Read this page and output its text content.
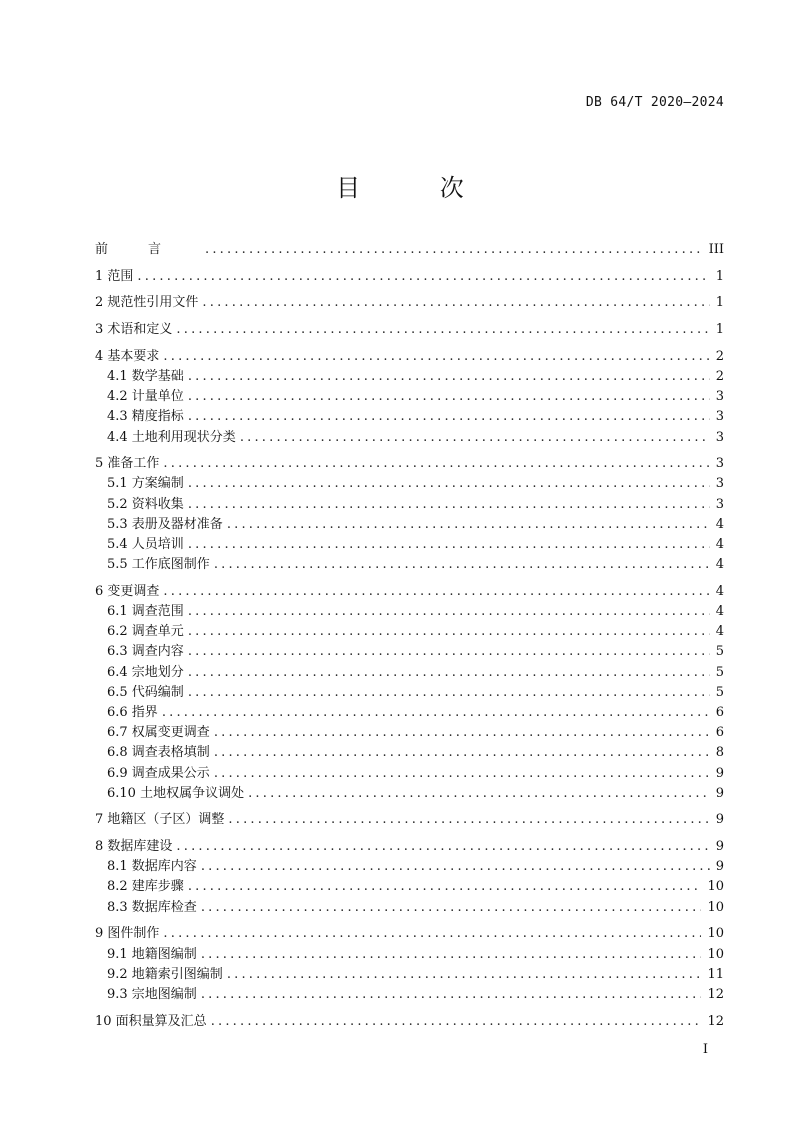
DB 64/T 2020—2024
目 次
前言 .....	III
1 范围 .....	1
2 规范性引用文件 .....	1
3 术语和定义 .....	1
4 基本要求 .....	2
4.1 数学基础 .....	2
4.2 计量单位 .....	3
4.3 精度指标 .....	3
4.4 土地利用现状分类 .....	3
5 准备工作 .....	3
5.1 方案编制 .....	3
5.2 资料收集 .....	3
5.3 表册及器材准备 .....	4
5.4 人员培训 .....	4
5.5 工作底图制作 .....	4
6 变更调查 .....	4
6.1 调查范围 .....	4
6.2 调查单元 .....	4
6.3 调查内容 .....	5
6.4 宗地划分 .....	5
6.5 代码编制 .....	5
6.6 指界 .....	6
6.7 权属变更调查 .....	6
6.8 调查表格填制 .....	8
6.9 调查成果公示 .....	9
6.10 土地权属争议调处 .....	9
7 地籍区（子区）调整 .....	9
8 数据库建设 .....	9
8.1 数据库内容 .....	9
8.2 建库步骤 .....	10
8.3 数据库检查 .....	10
9 图件制作 .....	10
9.1 地籍图编制 .....	10
9.2 地籍索引图编制 .....	11
9.3 宗地图编制 .....	12
10 面积量算及汇总 .....	12
I
